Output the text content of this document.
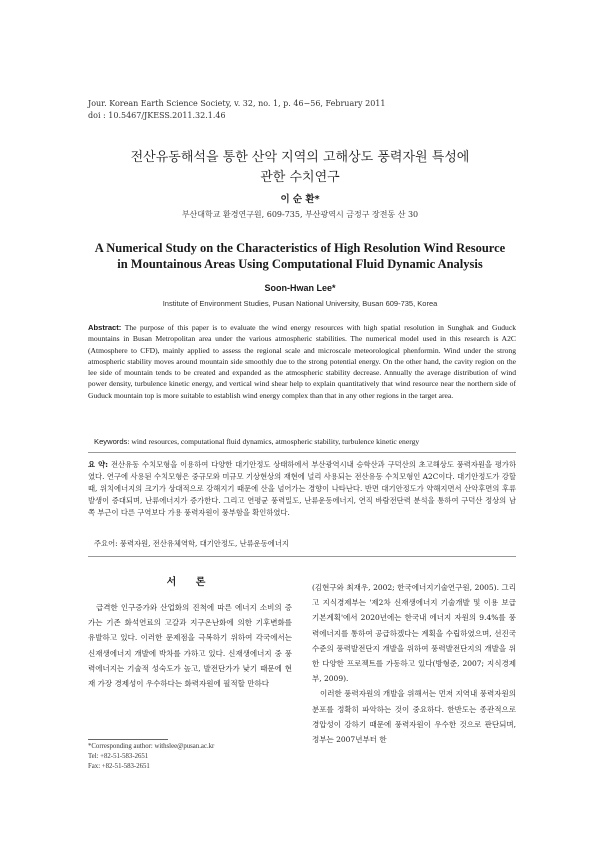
Jour. Korean Earth Science Society, v. 32, no. 1, p. 46−56, February 2011
doi : 10.5467/JKESS.2011.32.1.46
전산유동해석을 통한 산악 지역의 고해상도 풍력자원 특성에
관한 수치연구
이 순 환*
부산대학교 환경연구원, 609-735, 부산광역시 금정구 장전동 산 30
A Numerical Study on the Characteristics of High Resolution Wind Resource
in Mountainous Areas Using Computational Fluid Dynamic Analysis
Soon-Hwan Lee*
Institute of Environment Studies, Pusan National University, Busan 609-735, Korea
Abstract: The purpose of this paper is to evaluate the wind energy resources with high spatial resolution in Sunghak and Guduck mountains in Busan Metropolitan area under the various atmospheric stabilities. The numerical model used in this research is A2C (Atmosphere to CFD), mainly applied to assess the regional scale and microscale meteorological phenformin. Wind under the strong atmospheric stability moves around mountain side smoothly due to the strong potential energy. On the other hand, the cavity region on the lee side of mountain tends to be created and expanded as the atmospheric stability decrease. Annually the average distribution of wind power density, turbulence kinetic energy, and vertical wind shear help to explain quantitatively that wind resource near the northern side of Guduck mountain top is more suitable to establish wind energy complex than that in any other regions in the target area.
Keywords: wind resources, computational fluid dynamics, atmospheric stability, turbulence kinetic energy
요 약: 전산유동 수치모형을 이용하여 다양한 대기안정도 상태하에서 부산광역시내 승학산과 구덕산의 초고해상도 풍력자원을 평가하였다. 연구에 사용된 수치모형은 중규모와 미규모 기상현상의 재현에 널리 사용되는 전산유동 수치모형인 A2C이다. 대기안정도가 강할 때, 위치에너지의 크기가 상대적으로 강해지기 때문에 산을 넘어가는 경향이 나타난다. 반면 대기안정도가 약해지면서 산악후면의 후류 발생이 증대되며, 난류에너지가 증가한다. 그리고 연평균 풍력밀도, 난류운동에너지, 연직 바람전단력 분석을 통하여 구덕산 정상의 남쪽 부근이 다른 구역보다 가용 풍력자원이 풍부함을 확인하였다.
주요어: 풍력자원, 전산유체역학, 대기안정도, 난류운동에너지
서 론

급격한 인구증가와 산업화의 진척에 따른 에너지 소비의 증가는 기존 화석연료의 고갈과 지구온난화에 의한 기후변화를 유발하고 있다. 이러한 문제점을 극복하기 위하여 각국에서는 신재생에너지 개발에 박차를 가하고 있다. 신재생에너지 중 풍력에너지는 기술적 성숙도가 높고, 발전단가가 낮기 때문에 현재 가장 경제성이 우수하다는 화력자원에 필적할 만하다

(김현구와 최재우, 2002; 한국에너지기술연구원, 2005). 그리고 지식경제부는 '제2차 신재생에너지 기술개발 및 이용 보급 기본계획'에서 2020년에는 한국내 에너지 자원의 9.4%를 풍력에너지를 통하여 공급하겠다는 계획을 수립하였으며, 선진국수준의 풍력발전단지 개발을 위하여 풍력발전단지의 개발을 위한 다양한 프로젝트를 가동하고 있다(방형준, 2007; 지식경제부, 2009).

이러한 풍력자원의 개발을 위해서는 먼저 지역내 풍력자원의 분포를 정확히 파악하는 것이 중요하다. 한반도는 종관적으로 경압성이 강하기 때문에 풍력자원이 우수한 것으로 판단되며, 정부는 2007년부터 한

*Corresponding author: withslee@pusan.ac.kr
Tel: +82-51-583-2651
Fax: +82-51-583-2651
